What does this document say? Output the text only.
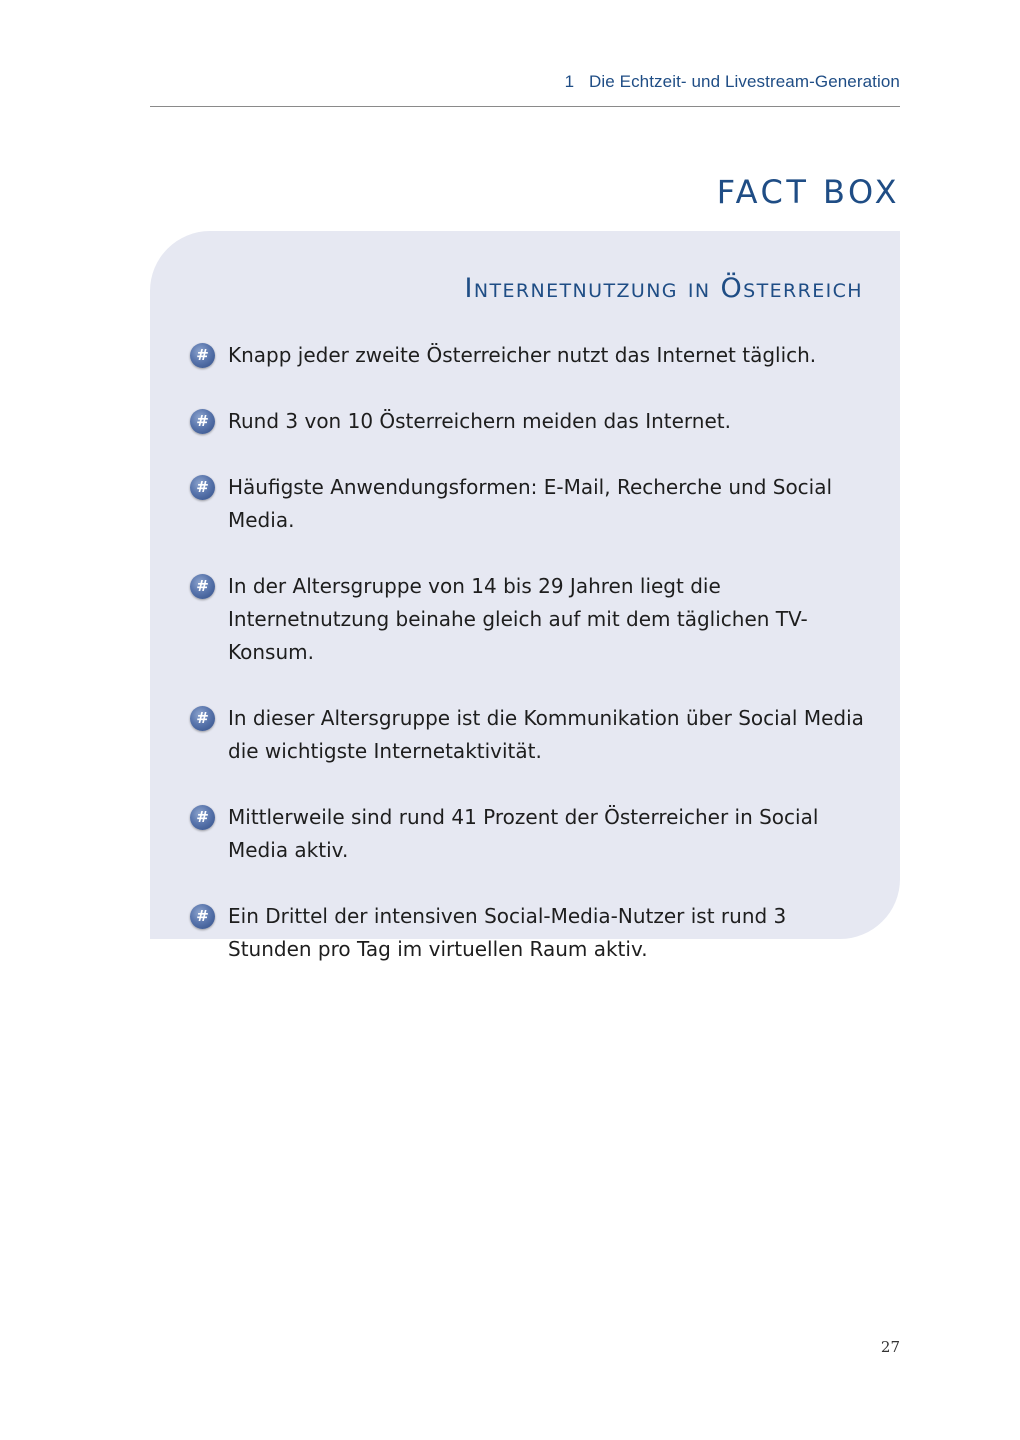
1 Die Echtzeit- und Livestream-Generation
FACT BOX
Internetnutzung in Österreich
# Knapp jeder zweite Österreicher nutzt das Internet täglich.
# Rund 3 von 10 Österreichern meiden das Internet.
# Häufigste Anwendungsformen: E-Mail, Recherche und Social Media.
# In der Altersgruppe von 14 bis 29 Jahren liegt die Internetnutzung beinahe gleich auf mit dem täglichen TV-Konsum.
# In dieser Altersgruppe ist die Kommunikation über Social Media die wichtigste Internetaktivität.
# Mittlerweile sind rund 41 Prozent der Österreicher in Social Media aktiv.
# Ein Drittel der intensiven Social-Media-Nutzer ist rund 3 Stunden pro Tag im virtuellen Raum aktiv.
27
